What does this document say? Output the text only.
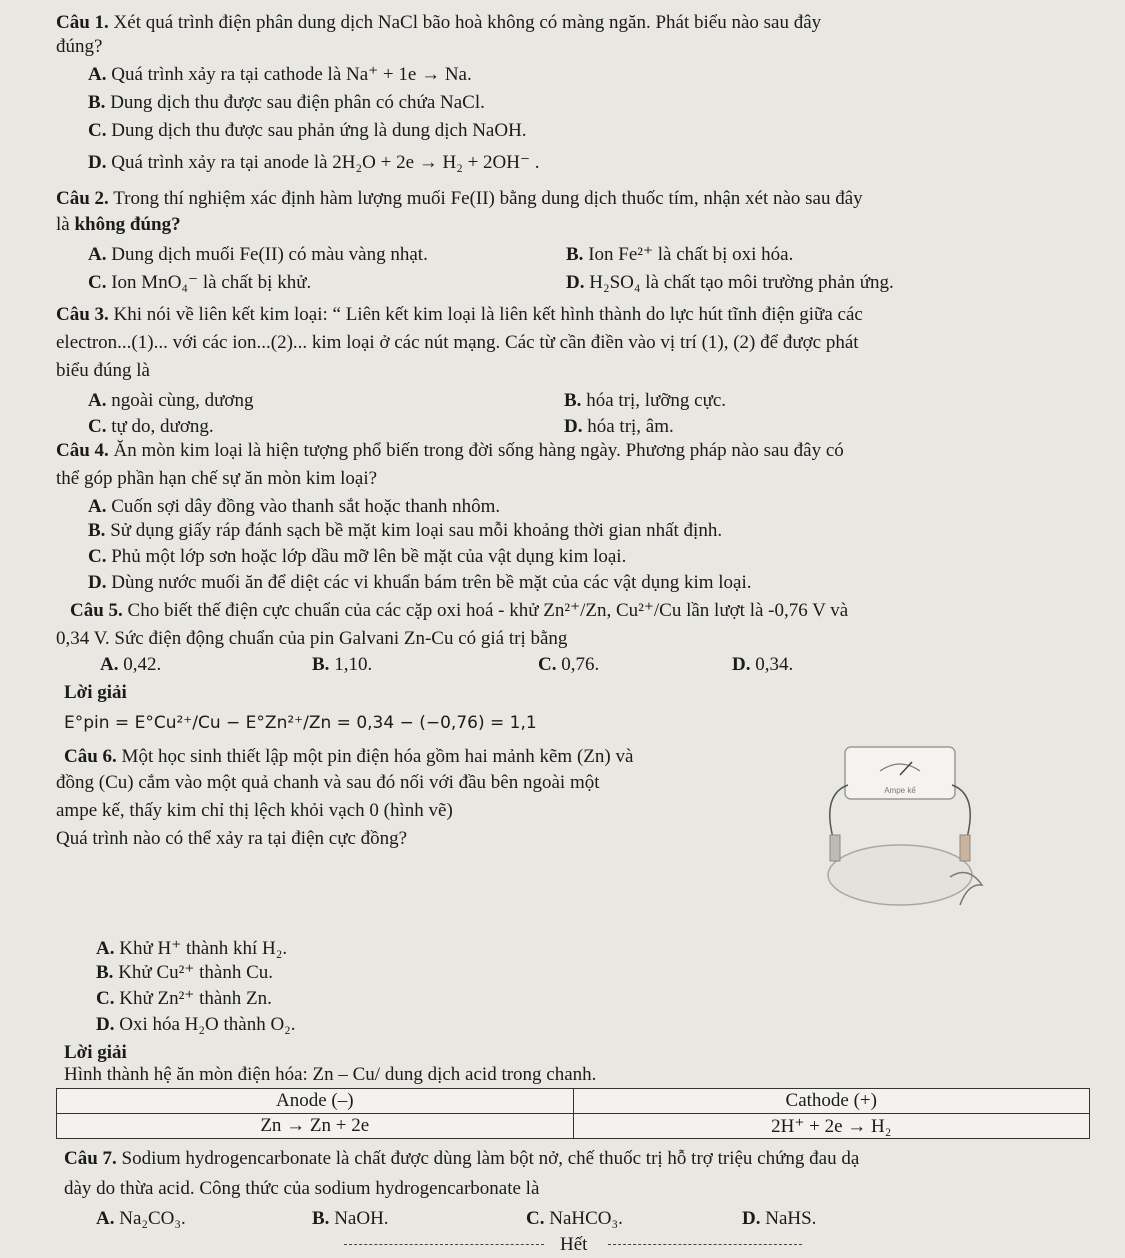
Câu 1. Xét quá trình điện phân dung dịch NaCl bão hoà không có màng ngăn. Phát biểu nào sau đây
đúng?
A. Quá trình xảy ra tại cathode là Na⁺ + 1e → Na.
B. Dung dịch thu được sau điện phân có chứa NaCl.
C. Dung dịch thu được sau phản ứng là dung dịch NaOH.
D. Quá trình xảy ra tại anode là 2H₂O + 2e → H₂ + 2OH⁻ .
Câu 2. Trong thí nghiệm xác định hàm lượng muối Fe(II) bằng dung dịch thuốc tím, nhận xét nào sau đây
là không đúng?
A. Dung dịch muối Fe(II) có màu vàng nhạt.	B. Ion Fe²⁺ là chất bị oxi hóa.
C. Ion MnO₄⁻ là chất bị khử.	D. H₂SO₄ là chất tạo môi trường phản ứng.
Câu 3. Khi nói về liên kết kim loại: “ Liên kết kim loại là liên kết hình thành do lực hút tĩnh điện giữa các
electron...(1)... với các ion...(2)... kim loại ở các nút mạng. Các từ cần điền vào vị trí (1), (2) để được phát
biểu đúng là
A. ngoài cùng, dương	B. hóa trị, lưỡng cực.
C. tự do, dương.	D. hóa trị, âm.
Câu 4. Ăn mòn kim loại là hiện tượng phổ biến trong đời sống hàng ngày. Phương pháp nào sau đây có
thể góp phần hạn chế sự ăn mòn kim loại?
A. Cuốn sợi dây đồng vào thanh sắt hoặc thanh nhôm.
B. Sử dụng giấy ráp đánh sạch bề mặt kim loại sau mỗi khoảng thời gian nhất định.
C. Phủ một lớp sơn hoặc lớp dầu mỡ lên bề mặt của vật dụng kim loại.
D. Dùng nước muối ăn để diệt các vi khuẩn bám trên bề mặt của các vật dụng kim loại.
Câu 5. Cho biết thế điện cực chuẩn của các cặp oxi hoá - khử Zn²⁺/Zn, Cu²⁺/Cu lần lượt là -0,76 V và
0,34 V. Sức điện động chuẩn của pin Galvani Zn-Cu có giá trị bằng
A. 0,42.	B. 1,10.	C. 0,76.	D. 0,34.
Lời giải
E°pin = E°Cu²⁺/Cu − E°Zn²⁺/Zn = 0,34 − (−0,76) = 1,1
Câu 6. Một học sinh thiết lập một pin điện hóa gồm hai mảnh kẽm (Zn) và
đồng (Cu) cắm vào một quả chanh và sau đó nối với đầu bên ngoài một
ampe kế, thấy kim chỉ thị lệch khỏi vạch 0 (hình vẽ)
Quá trình nào có thể xảy ra tại điện cực đồng?
Ampe kế
A. Khử H⁺ thành khí H₂.
B. Khử Cu²⁺ thành Cu.
C. Khử Zn²⁺ thành Zn.
D. Oxi hóa H₂O thành O₂.
Lời giải
Hình thành hệ ăn mòn điện hóa: Zn – Cu/ dung dịch acid trong chanh.
Anode (–)	Cathode (+)
Zn → Zn + 2e	2H⁺ + 2e → H₂
Câu 7. Sodium hydrogencarbonate là chất được dùng làm bột nở, chế thuốc trị hỗ trợ triệu chứng đau dạ
dày do thừa acid. Công thức của sodium hydrogencarbonate là
A. Na₂CO₃.	B. NaOH.	C. NaHCO₃.	D. NaHS.
Hết
